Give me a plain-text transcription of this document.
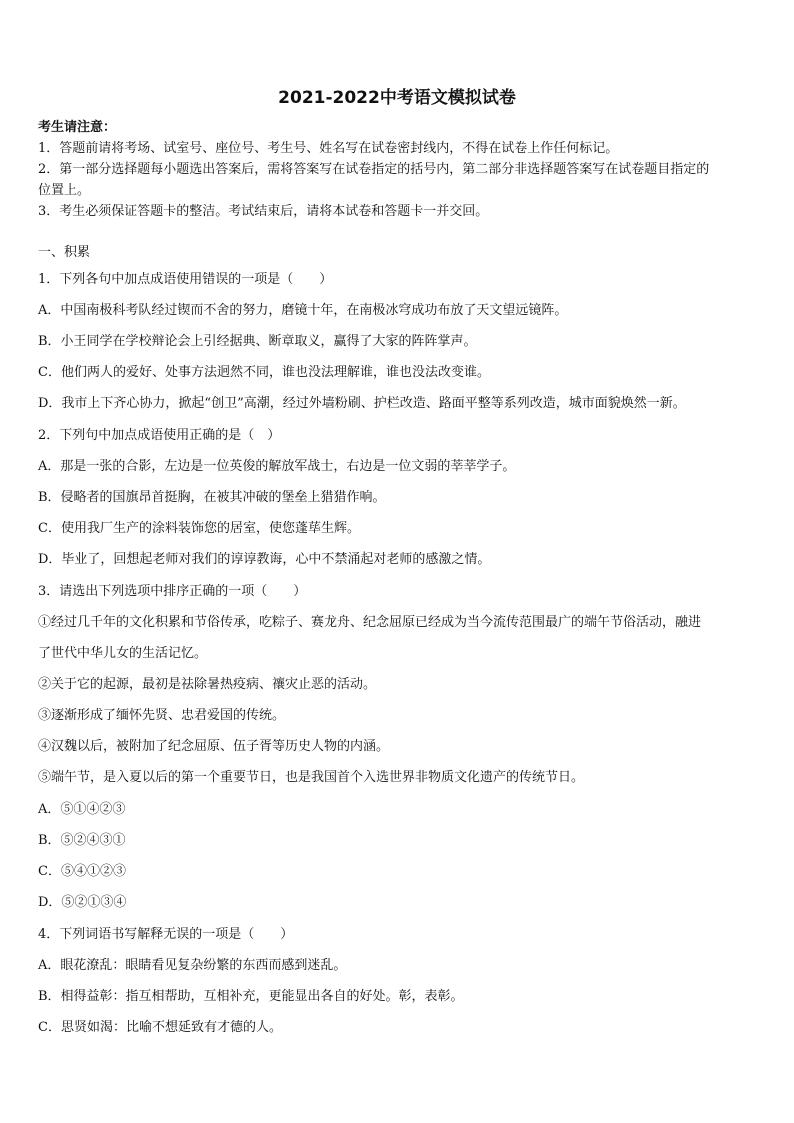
2021-2022中考语文模拟试卷
考生请注意：
1．答题前请将考场、试室号、座位号、考生号、姓名写在试卷密封线内，不得在试卷上作任何标记。
2．第一部分选择题每小题选出答案后，需将答案写在试卷指定的括号内，第二部分非选择题答案写在试卷题目指定的
位置上。
3．考生必须保证答题卡的整洁。考试结束后，请将本试卷和答题卡一并交回。
一、积累
1．下列各句中加点成语使用错误的一项是（　　）
A．中国南极科考队经过锲而不舍的努力，磨镜十年，在南极冰穹成功布放了天文望远镜阵。
B．小王同学在学校辩论会上引经据典、断章取义，赢得了大家的阵阵掌声。
C．他们两人的爱好、处事方法迥然不同，谁也没法理解谁，谁也没法改变谁。
D．我市上下齐心协力，掀起“创卫”高潮，经过外墙粉刷、护栏改造、路面平整等系列改造，城市面貌焕然一新。
2．下列句中加点成语使用正确的是（　）
A．那是一张的合影，左边是一位英俊的解放军战士，右边是一位文弱的莘莘学子。
B．侵略者的国旗昂首挺胸，在被其冲破的堡垒上猎猎作响。
C．使用我厂生产的涂料装饰您的居室，使您蓬荜生辉。
D．毕业了，回想起老师对我们的谆谆教诲，心中不禁涌起对老师的感激之情。
3．请选出下列选项中排序正确的一项（　　）
①经过几千年的文化积累和节俗传承，吃粽子、赛龙舟、纪念屈原已经成为当今流传范围最广的端午节俗活动，融进
了世代中华儿女的生活记忆。
②关于它的起源，最初是祛除暑热疫病、禳灾止恶的活动。
③逐渐形成了缅怀先贤、忠君爱国的传统。
④汉魏以后，被附加了纪念屈原、伍子胥等历史人物的内涵。
⑤端午节，是入夏以后的第一个重要节日，也是我国首个入选世界非物质文化遗产的传统节日。
A．⑤①④②③
B．⑤②④③①
C．⑤④①②③
D．⑤②①③④
4．下列词语书写解释无误的一项是（　　）
A．眼花潦乱：眼睛看见复杂纷繁的东西而感到迷乱。
B．相得益彰：指互相帮助，互相补充，更能显出各自的好处。彰，表彰。
C．思贤如渴：比喻不想延致有才德的人。
